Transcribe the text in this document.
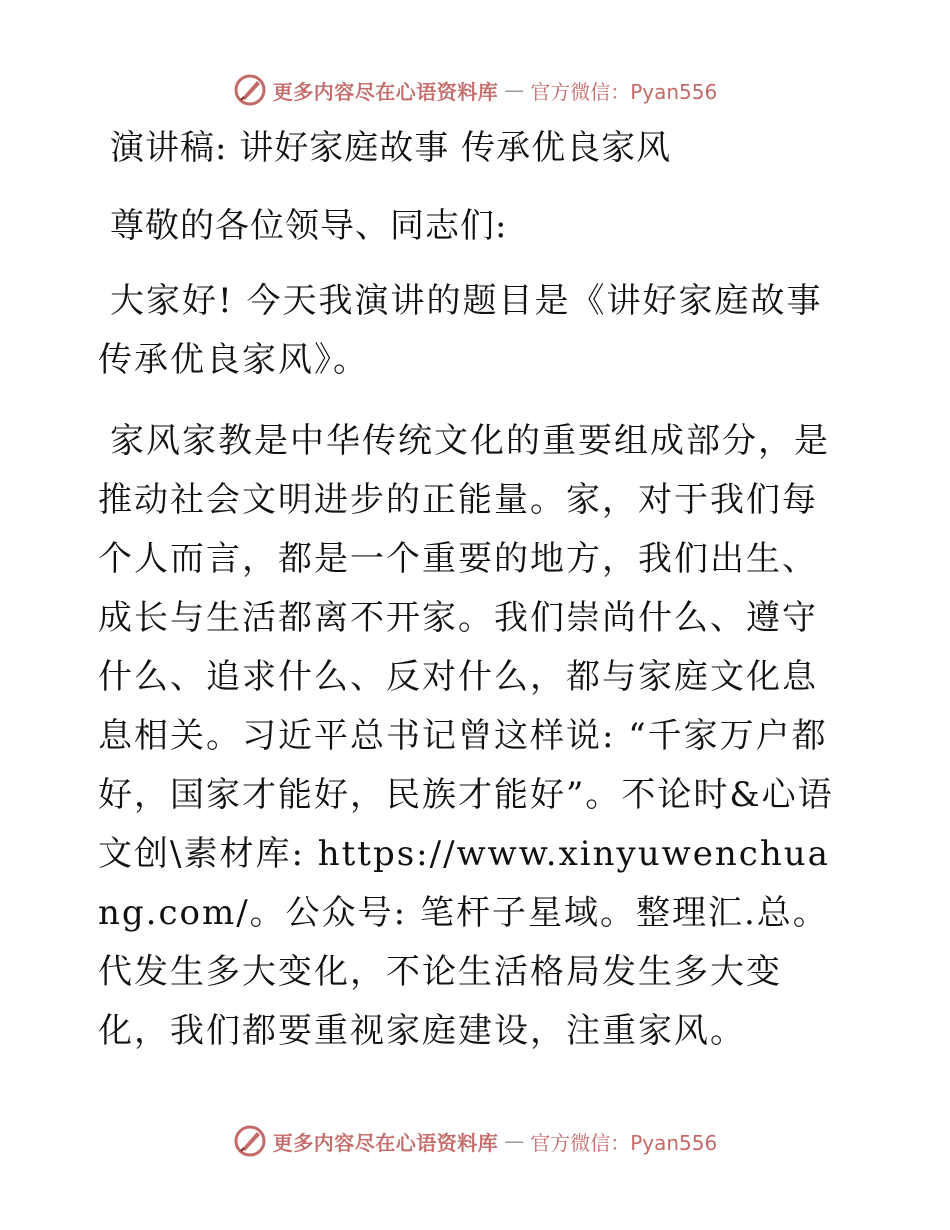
更多内容尽在心语资料库 — 官方微信：Pyan556
演讲稿: 讲好家庭故事 传承优良家风
尊敬的各位领导、同志们:

大家好! 今天我演讲的题目是《讲好家庭故事 传承优良家风》。

家风家教是中华传统文化的重要组成部分，是推动社会文明进步的正能量。家，对于我们每个人而言，都是一个重要的地方，我们出生、成长与生活都离不开家。我们崇尚什么、遵守什么、追求什么、反对什么，都与家庭文化息息相关。习近平总书记曾这样说: “千家万户都好，国家才能好，民族才能好”。不论时&心语文创\素材库: https://www.xinyuwenchuang.com/。公众号: 笔杆子星域。整理汇.总。代发生多大变化，不论生活格局发生多大变化，我们都要重视家庭建设，注重家风。

更多内容尽在心语资料库 — 官方微信：Pyan556
